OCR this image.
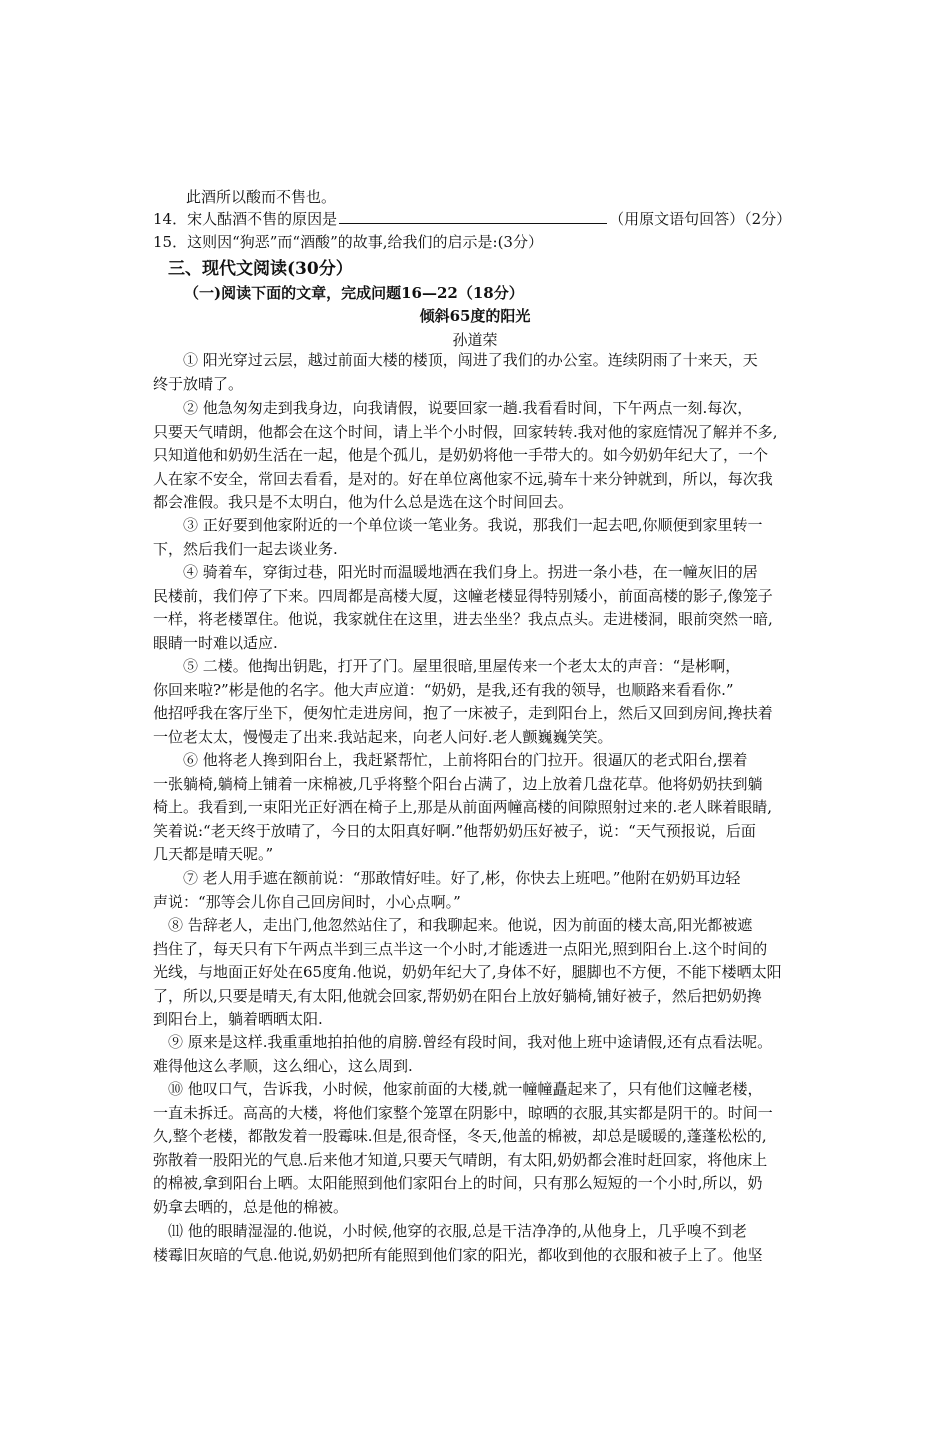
此酒所以酸而不售也。
14．宋人酤酒不售的原因是	（用原文语句回答）（2分）
15．这则因“狗恶”而“酒酸”的故事,给我们的启示是:(3分）
三、现代文阅读(30分）
（一)阅读下面的文章，完成问题16—22（18分）
倾斜65度的阳光
孙道荣
　　① 阳光穿过云层，越过前面大楼的楼顶，闯进了我们的办公室。连续阴雨了十来天，天
终于放晴了。
　　② 他急匆匆走到我身边，向我请假，说要回家一趟.我看看时间，下午两点一刻.每次，
只要天气晴朗，他都会在这个时间，请上半个小时假，回家转转.我对他的家庭情况了解并不多,
只知道他和奶奶生活在一起，他是个孤儿，是奶奶将他一手带大的。如今奶奶年纪大了，一个
人在家不安全，常回去看看，是对的。好在单位离他家不远,骑车十来分钟就到，所以，每次我
都会准假。我只是不太明白，他为什么总是选在这个时间回去。
　　③ 正好要到他家附近的一个单位谈一笔业务。我说，那我们一起去吧,你顺便到家里转一
下，然后我们一起去谈业务.
　　④ 骑着车，穿街过巷，阳光时而温暖地洒在我们身上。拐进一条小巷，在一幢灰旧的居
民楼前，我们停了下来。四周都是高楼大厦，这幢老楼显得特别矮小，前面高楼的影子,像笼子
一样，将老楼罩住。他说，我家就住在这里，进去坐坐？我点点头。走进楼洞，眼前突然一暗,
眼睛一时难以适应.
　　⑤ 二楼。他掏出钥匙，打开了门。屋里很暗,里屋传来一个老太太的声音：“是彬啊，
你回来啦?”彬是他的名字。他大声应道：“奶奶，是我,还有我的领导，也顺路来看看你.”
他招呼我在客厅坐下，便匆忙走进房间，抱了一床被子，走到阳台上，然后又回到房间,搀扶着
一位老太太，慢慢走了出来.我站起来，向老人问好.老人颤巍巍笑笑。
　　⑥ 他将老人搀到阳台上，我赶紧帮忙，上前将阳台的门拉开。很逼仄的老式阳台,摆着
一张躺椅,躺椅上铺着一床棉被,几乎将整个阳台占满了，边上放着几盘花草。他将奶奶扶到躺
椅上。我看到,一束阳光正好洒在椅子上,那是从前面两幢高楼的间隙照射过来的.老人眯着眼睛,
笑着说:“老天终于放晴了，今日的太阳真好啊.”他帮奶奶压好被子，说：“天气预报说，后面
几天都是晴天呢。”
　　⑦ 老人用手遮在额前说：“那敢情好哇。好了,彬，你快去上班吧。”他附在奶奶耳边轻
声说：“那等会儿你自己回房间时，小心点啊。”
　⑧ 告辞老人，走出门,他忽然站住了，和我聊起来。他说，因为前面的楼太高,阳光都被遮
挡住了，每天只有下午两点半到三点半这一个小时,才能透进一点阳光,照到阳台上.这个时间的
光线，与地面正好处在65度角.他说，奶奶年纪大了,身体不好，腿脚也不方便，不能下楼晒太阳
了，所以,只要是晴天,有太阳,他就会回家,帮奶奶在阳台上放好躺椅,铺好被子，然后把奶奶搀
到阳台上，躺着晒晒太阳.
　⑨ 原来是这样.我重重地拍拍他的肩膀.曾经有段时间，我对他上班中途请假,还有点看法呢。
难得他这么孝顺，这么细心，这么周到.
　⑩ 他叹口气，告诉我，小时候，他家前面的大楼,就一幢幢矗起来了，只有他们这幢老楼，
一直未拆迁。高高的大楼，将他们家整个笼罩在阴影中，晾晒的衣服,其实都是阴干的。时间一
久,整个老楼，都散发着一股霉味.但是,很奇怪，冬天,他盖的棉被，却总是暖暖的,蓬蓬松松的,
弥散着一股阳光的气息.后来他才知道,只要天气晴朗，有太阳,奶奶都会准时赶回家，将他床上
的棉被,拿到阳台上晒。太阳能照到他们家阳台上的时间，只有那么短短的一个小时,所以，奶
奶拿去晒的，总是他的棉被。
　⑾ 他的眼睛湿湿的.他说，小时候,他穿的衣服,总是干洁净净的,从他身上，几乎嗅不到老
楼霉旧灰暗的气息.他说,奶奶把所有能照到他们家的阳光，都收到他的衣服和被子上了。他坚
